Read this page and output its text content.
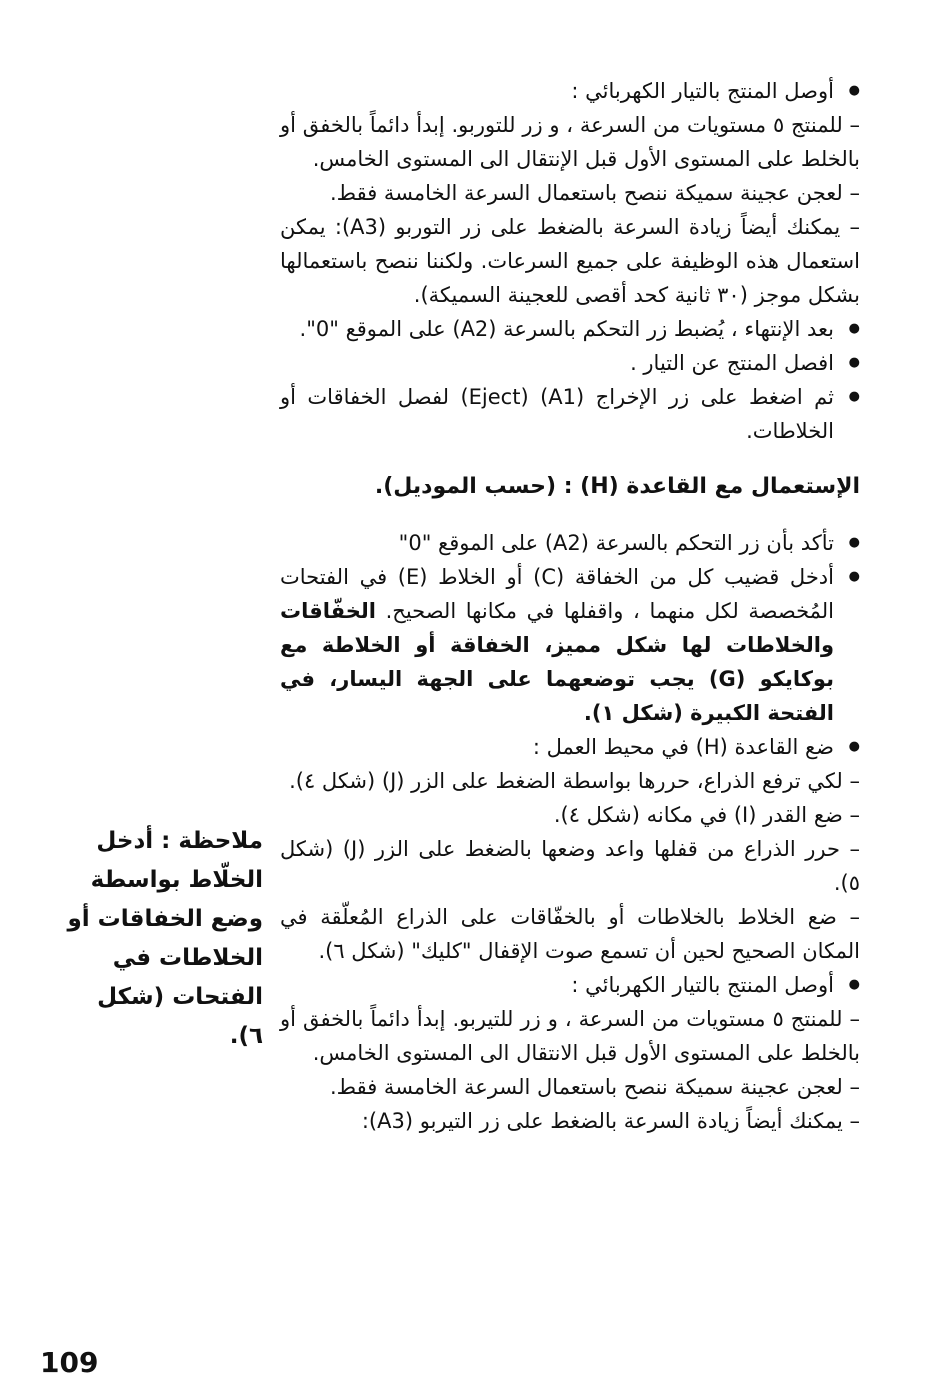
● أوصل المنتج بالتيار الكهربائي :

– للمنتج ٥ مستويات من السرعة ، و زر للتوربو. إبدأ دائماً بالخفق أو بالخلط على المستوى الأول قبل الإنتقال الى المستوى الخامس.

– لعجن عجينة سميكة ننصح باستعمال السرعة الخامسة فقط.

– يمكنك أيضاً زيادة السرعة بالضغط على زر التوربو (A3): يمكن استعمال هذه الوظيفة على جميع السرعات. ولكننا ننصح باستعمالها بشكل موجز (٣٠ ثانية كحد أقصى للعجينة السميكة).

● بعد الإنتهاء ، يُضبط زر التحكم بالسرعة (A2) على الموقع "0".

● افصل المنتج عن التيار .

● ثم اضغط على زر الإخراج (A1) (Eject) لفصل الخفاقات أو الخلاطات.

الإستعمال مع القاعدة (H) : (حسب الموديل).

● تأكد بأن زر التحكم بالسرعة (A2) على الموقع "0"

● أدخل قضيب كل من الخفاقة (C) أو الخلاط (E) في الفتحات المُخصصة لكل منهما ، واقفلها في مكانها الصحيح. الخفّاقات والخلاطات لها شكل مميز، الخفاقة أو الخلاطة مع بوكايكو (G) يجب توضعهما على الجهة اليسار، في الفتحة الكبيرة (شكل ١).

● ضع القاعدة (H) في محيط العمل :

– لكي ترفع الذراع، حررها بواسطة الضغط على الزر (J) (شكل ٤).

– ضع القدر (I) في مكانه (شكل ٤).

– حرر الذراع من قفلها واعد وضعها بالضغط على الزر (J) (شكل ٥).

– ضع الخلاط بالخلاطات أو بالخفّاقات على الذراع المُعلّقة في المكان الصحيح لحين أن تسمع صوت الإقفال "كليك" (شكل ٦).

● أوصل المنتج بالتيار الكهربائي :

– للمنتج ٥ مستويات من السرعة ، و زر للتيربو. إبدأ دائماً بالخفق أو بالخلط على المستوى الأول قبل الانتقال الى المستوى الخامس.

– لعجن عجينة سميكة ننصح باستعمال السرعة الخامسة فقط.

– يمكنك أيضاً زيادة السرعة بالضغط على زر التيربو (A3):

ملاحظة : أدخل الخلّاط بواسطة وضع الخفاقات أو الخلاطات في الفتحات (شكل ٦).
109
